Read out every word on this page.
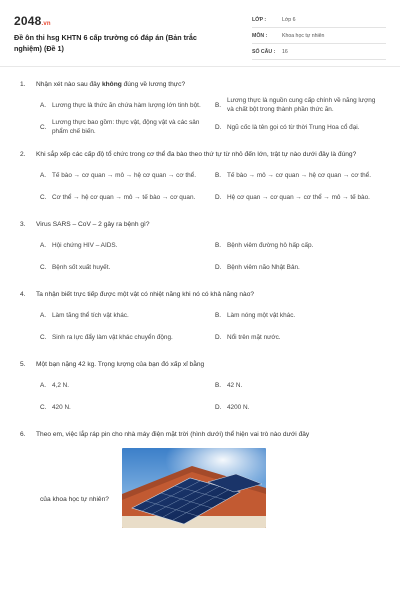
2048.vn
Đề ôn thi hsg KHTN 6 cấp trường có đáp án (Bản trắc nghiệm) (Đề 1)
LỚP :	Lớp 6
MÔN :	Khoa học tự nhiên
SỐ CÂU :	16
1.	Nhận xét nào sau đây không đúng về lương thực?
A. Lương thực là thức ăn chứa hàm lượng lớn tinh bột.	B.
Lương thực là nguồn cung cấp chính về năng lượng và chất bột trong thành phần thức ăn.
C.
Lương thực bao gồm: thực vật, động vật và các sản phẩm chế biến.
D. Ngũ cốc là tên gọi có từ thời Trung Hoa cổ đại.
2.	Khi sắp xếp các cấp độ tổ chức trong cơ thể đa bào theo thứ tự từ nhỏ đến lớn, trật tự nào dưới đây là đúng?
A. Tế bào → cơ quan → mô → hệ cơ quan → cơ thể.	B. Tế bào → mô → cơ quan → hệ cơ quan → cơ thể.
C. Cơ thể → hệ cơ quan → mô → tế bào → cơ quan.	D. Hệ cơ quan → cơ quan → cơ thể → mô → tế bào.
3.	Virus SARS – CoV – 2 gây ra bệnh gì?
A. Hội chứng HIV – AIDS.	B. Bệnh viêm đường hô hấp cấp.
C. Bệnh sốt xuất huyết.	D. Bệnh viêm não Nhật Bản.
4.	Ta nhận biết trực tiếp được một vật có nhiệt năng khi nó có khả năng nào?
A. Làm tăng thể tích vật khác.	B. Làm nóng một vật khác.
C. Sinh ra lực đẩy làm vật khác chuyển động.	D. Nổi trên mặt nước.
5.	Một bạn nặng 42 kg. Trọng lượng của bạn đó xấp xỉ bằng
A. 4,2 N.	B. 42 N.
C. 420 N.	D. 4200 N.
6.	Theo em, việc lắp ráp pin cho nhà máy điện mặt trời (hình dưới) thể hiện vai trò nào dưới đây
của khoa học tự nhiên?
